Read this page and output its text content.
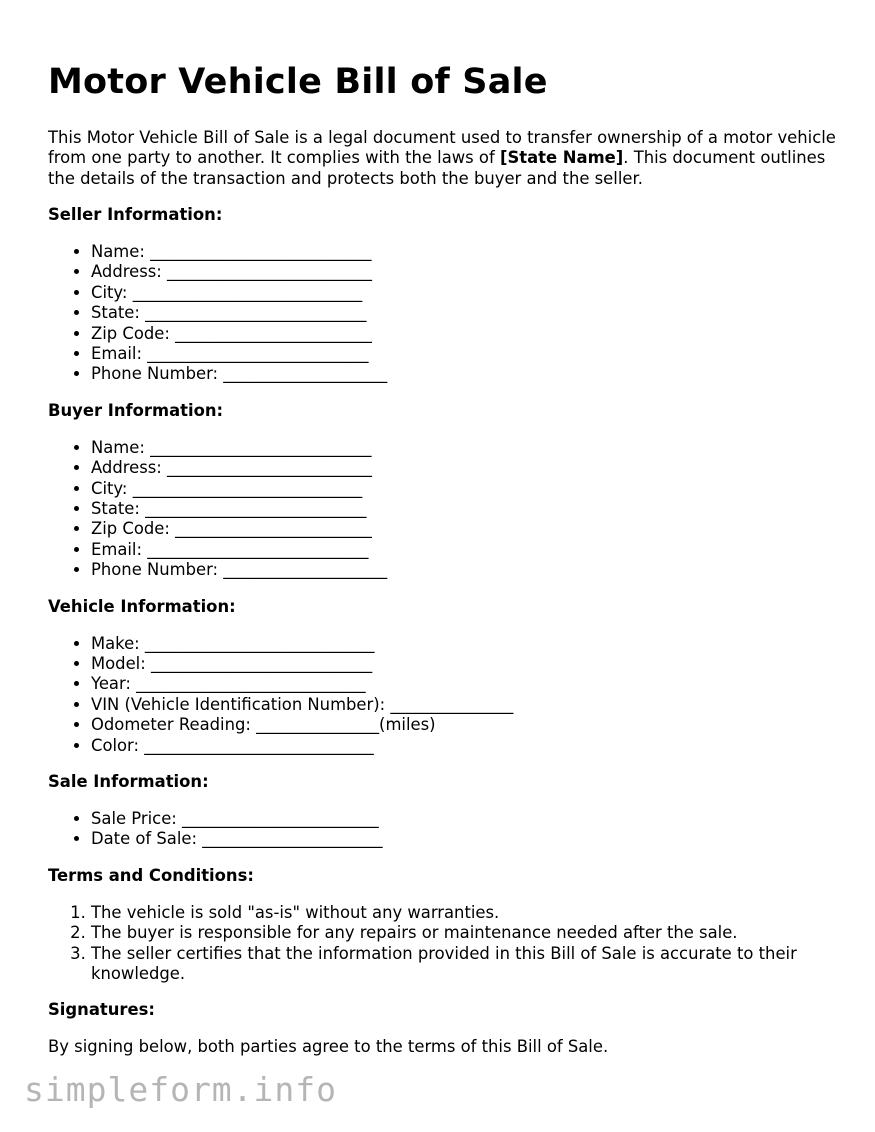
Motor Vehicle Bill of Sale

This Motor Vehicle Bill of Sale is a legal document used to transfer ownership of a motor vehicle from one party to another. It complies with the laws of [State Name]. This document outlines the details of the transaction and protects both the buyer and the seller.

Seller Information:
• Name: ___________________________
• Address: _________________________
• City: ____________________________
• State: ___________________________
• Zip Code: ________________________
• Email: ___________________________
• Phone Number: ____________________
Buyer Information:
• Name: ___________________________
• Address: _________________________
• City: ____________________________
• State: ___________________________
• Zip Code: ________________________
• Email: ___________________________
• Phone Number: ____________________
Vehicle Information:
• Make: ____________________________
• Model: ___________________________
• Year: ____________________________
• VIN (Vehicle Identification Number): _______________
• Odometer Reading: _______________(miles)
• Color: ____________________________
Sale Information:
• Sale Price: ________________________
• Date of Sale: ______________________
Terms and Conditions:
1. The vehicle is sold "as-is" without any warranties.
2. The buyer is responsible for any repairs or maintenance needed after the sale.
3. The seller certifies that the information provided in this Bill of Sale is accurate to their knowledge.
Signatures:

By signing below, both parties agree to the terms of this Bill of Sale.

simpleform.info
